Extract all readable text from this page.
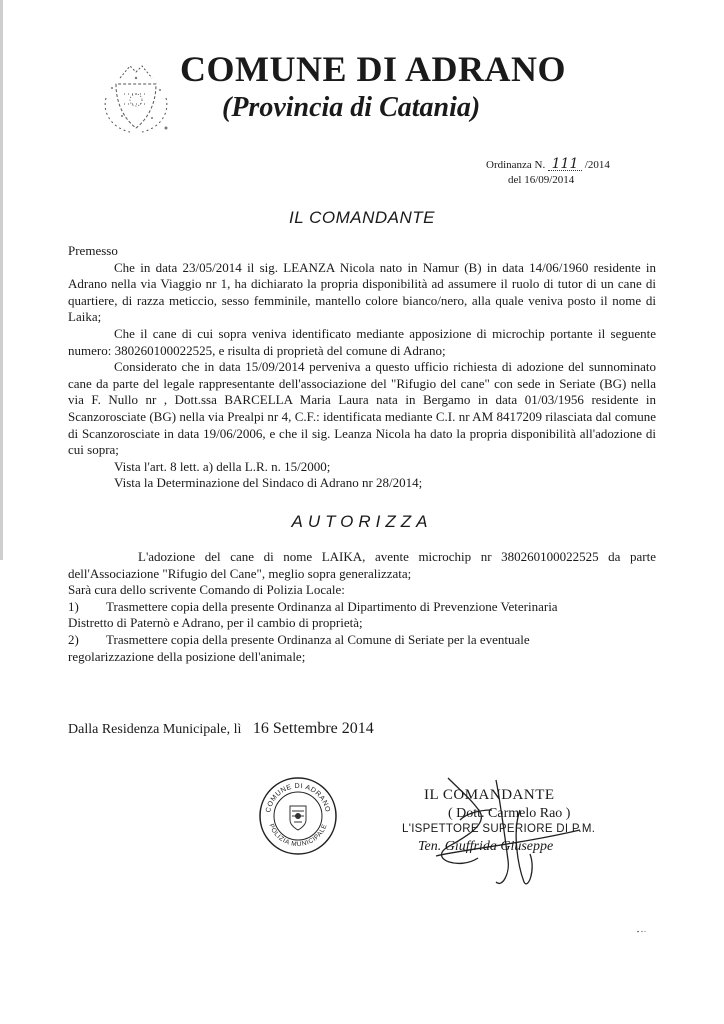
COMUNE DI ADRANO
(Provincia di Catania)
Ordinanza N. 111 /2014
del 16/09/2014
IL COMANDANTE

Premesso

Che in data 23/05/2014 il sig. LEANZA Nicola nato in Namur (B) in data 14/06/1960 residente in Adrano nella via Viaggio nr 1, ha dichiarato la propria disponibilità ad assumere il ruolo di tutor di un cane di quartiere, di razza meticcio, sesso femminile, mantello colore bianco/nero, alla quale veniva posto il nome di Laika;

Che il cane di cui sopra veniva identificato mediante apposizione di microchip portante il seguente numero: 380260100022525, e risulta di proprietà del comune di Adrano;

Considerato che in data 15/09/2014 perveniva a questo ufficio richiesta di adozione del sunnominato cane da parte del legale rappresentante dell'associazione del "Rifugio del cane" con sede in Seriate (BG) nella via F. Nullo nr , Dott.ssa BARCELLA Maria Laura nata in Bergamo in data 01/03/1956 residente in Scanzorosciate (BG) nella via Prealpi nr 4, C.F.: identificata mediante C.I. nr AM 8417209 rilasciata dal comune di Scanzorosciate in data 19/06/2006, e che il sig. Leanza Nicola ha dato la propria disponibilità all'adozione di cui sopra;

Vista l'art. 8 lett. a) della L.R. n. 15/2000;

Vista la Determinazione del Sindaco di Adrano nr 28/2014;

AUTORIZZA

L'adozione del cane di nome LAIKA, avente microchip nr 380260100022525 da parte dell'Associazione "Rifugio del Cane", meglio sopra generalizzata;

Sarà cura dello scrivente Comando di Polizia Locale:

1)	Trasmettere copia della presente Ordinanza al Dipartimento di Prevenzione Veterinaria
Distretto di Paternò e Adrano, per il cambio di proprietà;
2)	Trasmettere copia della presente Ordinanza al Comune di Seriate per la eventuale
regolarizzazione della posizione dell'animale;
Dalla Residenza Municipale, lì 16 Settembre 2014
COMUNE DI ADRANO
POLIZIA MUNICIPALE
IL COMANDANTE
( Dott. Carmelo Rao )
L'ISPETTORE SUPERIORE DI P.M.
Ten. Giuffrida Giuseppe
